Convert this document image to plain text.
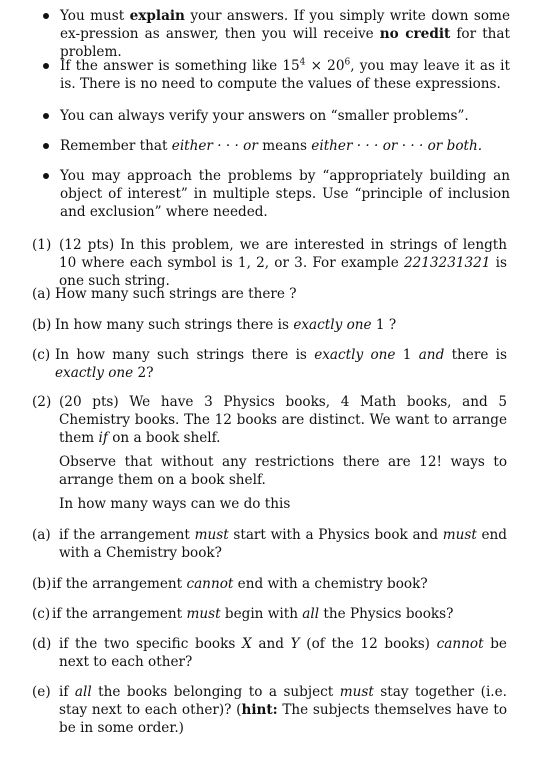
You must explain your answers. If you simply write down some ex-pression as answer, then you will receive no credit for that problem.
If the answer is something like $15^4 \times 20^6$, you may leave it as it is. There is no need to compute the values of these expressions.
You can always verify your answers on “smaller problems”.
Remember that either · · · or means either · · · or · · · or both.
You may approach the problems by “appropriately building an object of interest” in multiple steps. Use “principle of inclusion and exclusion” where needed.
(1) (12 pts) In this problem, we are interested in strings of length 10 where each symbol is 1, 2, or 3. For example 2213231321 is one such string.
(a) How many such strings are there ?
(b) In how many such strings there is exactly one 1 ?
(c) In how many such strings there is exactly one 1 and there is exactly one 2?
(2) (20 pts) We have 3 Physics books, 4 Math books, and 5 Chemistry books. The 12 books are distinct. We want to arrange them if on a book shelf.
Observe that without any restrictions there are 12! ways to arrange them on a book shelf.
In how many ways can we do this
(a) if the arrangement must start with a Physics book and must end with a Chemistry book?
(b) if the arrangement cannot end with a chemistry book?
(c) if the arrangement must begin with all the Physics books?
(d) if the two specific books X and Y (of the 12 books) cannot be next to each other?
(e) if all the books belonging to a subject must stay together (i.e. stay next to each other)? (hint: The subjects themselves have to be in some order.)
